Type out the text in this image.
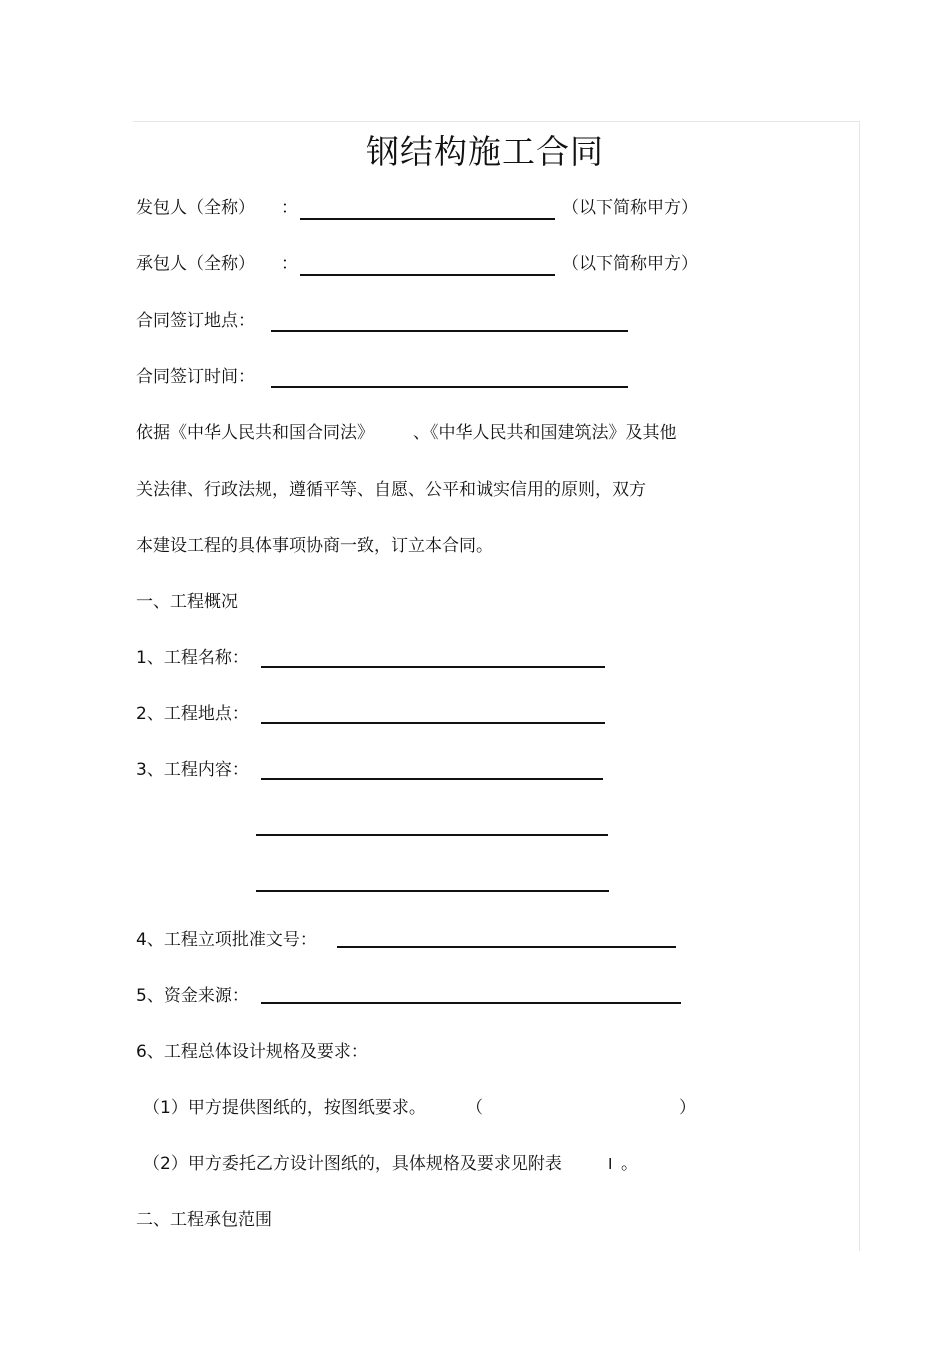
钢结构施工合同
发包人（全称） ：	（以下简称甲方）
承包人（全称） ：	（以下简称甲方）
合同签订地点：
合同签订时间：
依据《中华人民共和国合同法》 、《中华人民共和国建筑法》及其他
关法律、行政法规，遵循平等、自愿、公平和诚实信用的原则，双方
本建设工程的具体事项协商一致，订立本合同。
一、工程概况
1、工程名称：
2、工程地点：
3、工程内容：
4、工程立项批准文号：
5、资金来源：
6、工程总体设计规格及要求：
（1）甲方提供图纸的，按图纸要求。 （	）
（2）甲方委托乙方设计图纸的，具体规格及要求见附表	Ⅰ 。
二、工程承包范围
